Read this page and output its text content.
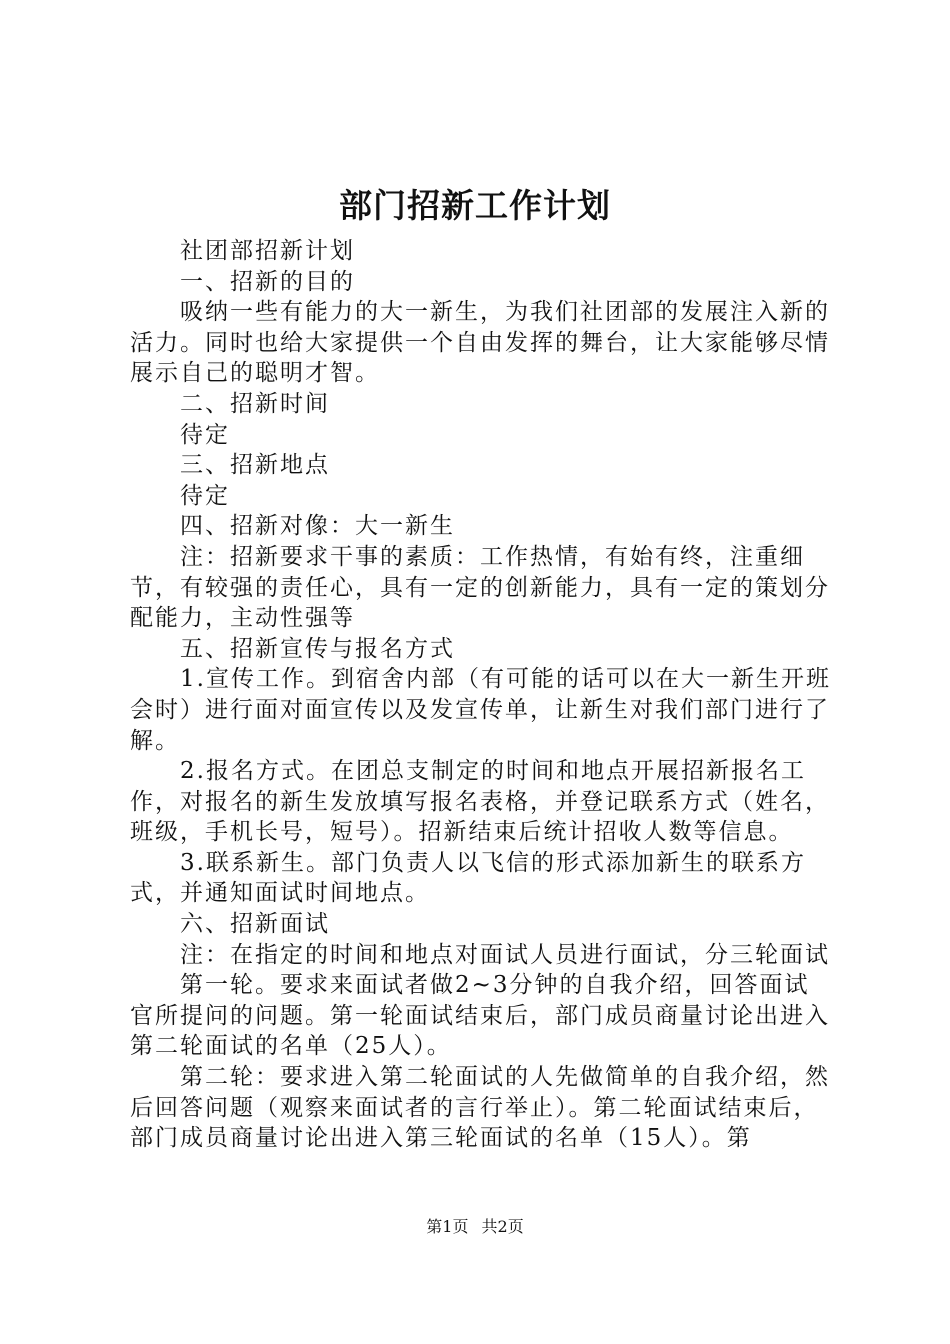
部门招新工作计划

社团部招新计划

一、招新的目的

吸纳一些有能力的大一新生，为我们社团部的发展注入新的活力。同时也给大家提供一个自由发挥的舞台，让大家能够尽情展示自己的聪明才智。

二、招新时间

待定

三、招新地点

待定

四、招新对像：大一新生

注：招新要求干事的素质：工作热情，有始有终，注重细节，有较强的责任心，具有一定的创新能力，具有一定的策划分配能力，主动性强等

五、招新宣传与报名方式

1.宣传工作。到宿舍内部（有可能的话可以在大一新生开班会时）进行面对面宣传以及发宣传单，让新生对我们部门进行了解。

2.报名方式。在团总支制定的时间和地点开展招新报名工作，对报名的新生发放填写报名表格，并登记联系方式（姓名，班级，手机长号，短号）。招新结束后统计招收人数等信息。

3.联系新生。部门负责人以飞信的形式添加新生的联系方式，并通知面试时间地点。

六、招新面试

注：在指定的时间和地点对面试人员进行面试，分三轮面试

第一轮。要求来面试者做2~3分钟的自我介绍，回答面试官所提问的问题。第一轮面试结束后，部门成员商量讨论出进入第二轮面试的名单（25人）。

第二轮：要求进入第二轮面试的人先做简单的自我介绍，然后回答问题（观察来面试者的言行举止）。第二轮面试结束后，部门成员商量讨论出进入第三轮面试的名单（15人）。第

第1页 共2页
